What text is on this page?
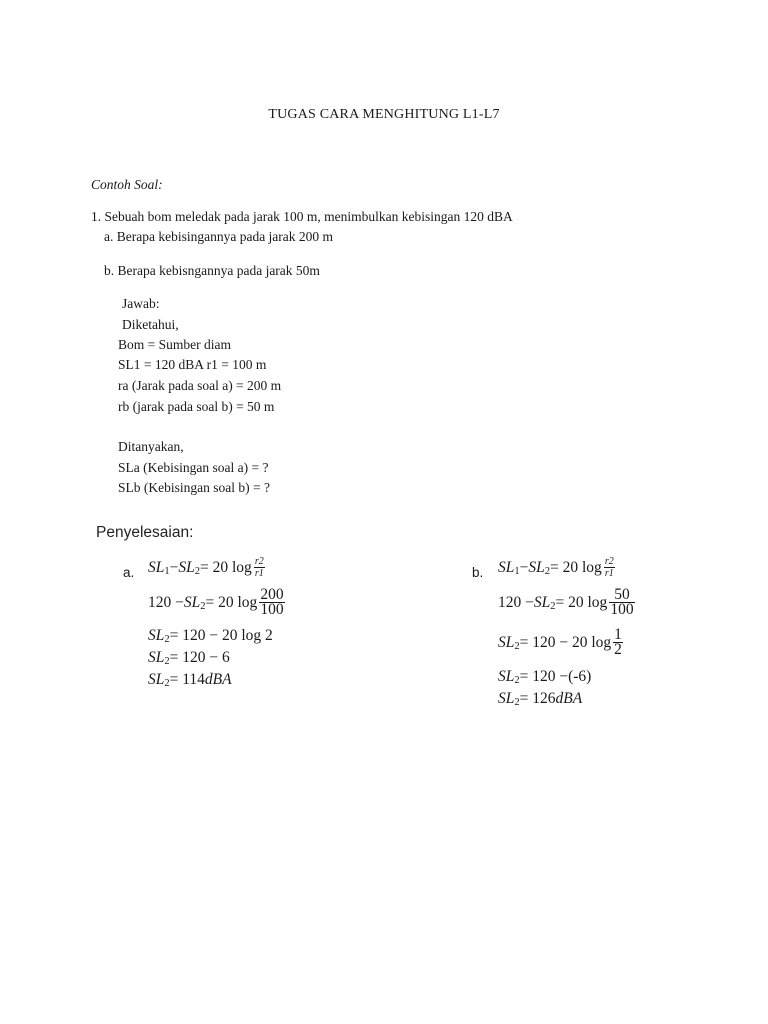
TUGAS CARA MENGHITUNG L1-L7
Contoh Soal:
1. Sebuah bom meledak pada jarak 100 m, menimbulkan kebisingan 120 dBA
a. Berapa kebisingannya pada jarak 200 m
b. Berapa kebisngannya pada jarak 50m
Jawab:
Diketahui,
Bom = Sumber diam
SL1 = 120 dBA r1 = 100 m
ra (Jarak pada soal a) = 200 m
rb (jarak pada soal b) = 50 m
Ditanyakan,
SLa (Kebisingan soal a) = ?
SLb (Kebisingan soal b) = ?
Penyelesaian:
a. SL 1 − SL 2 = 20 $\log \frac{r2}{r1}$
120 − SL 2 = 20 $\log \frac{200}{100}$
SL 2 = 120 − 20 log 2
SL 2 = 120 − 6
SL 2 = 114 dBA
b. SL 1 − SL 2 = 20 $\log \frac{r2}{r1}$
120 − SL 2 = 20 $\log \frac{50}{100}$
SL 2 = 120 − 20 $\log \frac{1}{2}$
SL 2 = 120 −(-6)
SL 2 = 126 dBA
